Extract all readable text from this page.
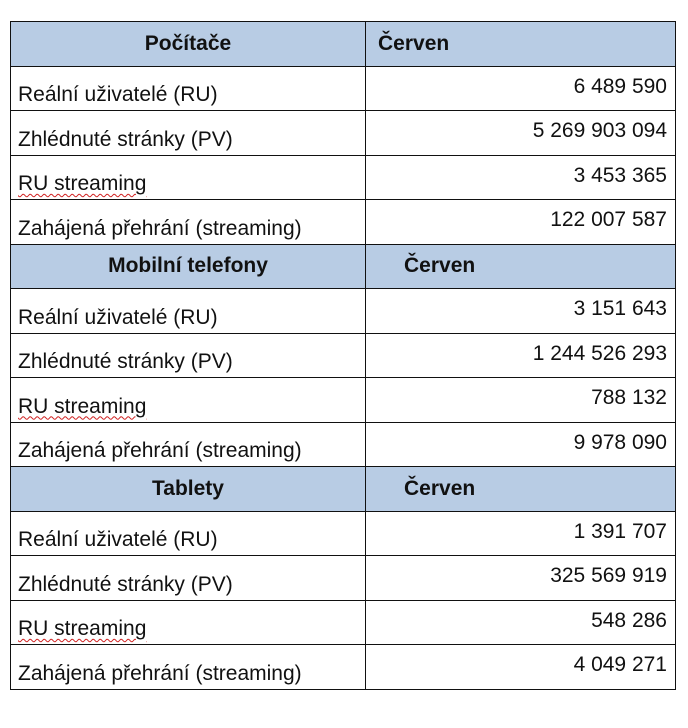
Počítače	Červen
Reální uživatelé (RU)	6 489 590
Zhlédnuté stránky (PV)	5 269 903 094
RU streaming	3 453 365
Zahájená přehrání (streaming)	122 007 587
Mobilní telefony	Červen
Reální uživatelé (RU)	3 151 643
Zhlédnuté stránky (PV)	1 244 526 293
RU streaming	788 132
Zahájená přehrání (streaming)	9 978 090
Tablety	Červen
Reální uživatelé (RU)	1 391 707
Zhlédnuté stránky (PV)	325 569 919
RU streaming	548 286
Zahájená přehrání (streaming)	4 049 271
